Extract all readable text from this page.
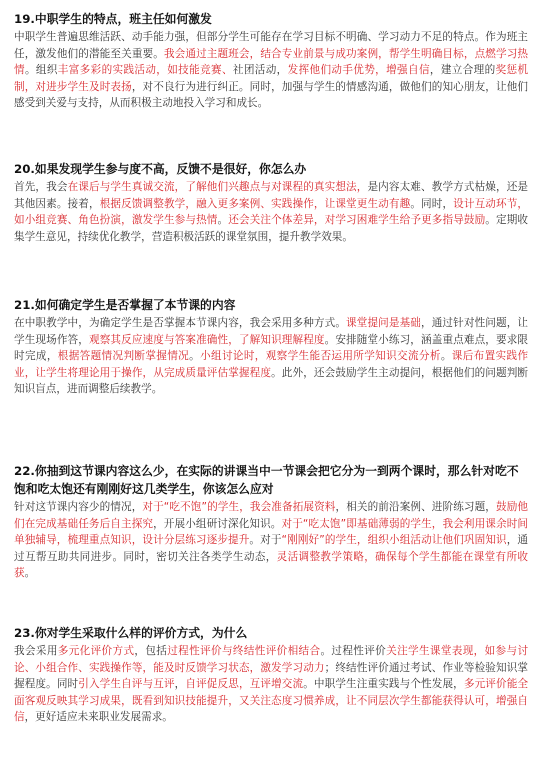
19.中职学生的特点，班主任如何激发

中职学生普遍思维活跃、动手能力强，但部分学生可能存在学习目标不明确、学习动力不足的特点。作为班主任，激发他们的潜能至关重要。我会通过主题班会，结合专业前景与成功案例，帮学生明确目标，点燃学习热情。组织丰富多彩的实践活动，如技能竞赛、社团活动，发挥他们动手优势，增强自信，建立合理的奖惩机制，对进步学生及时表扬，对不良行为进行纠正。同时，加强与学生的情感沟通，做他们的知心朋友，让他们感受到关爱与支持，从而积极主动地投入学习和成长。

20.如果发现学生参与度不高，反馈不是很好，你怎么办

首先，我会在课后与学生真诚交流，了解他们兴趣点与对课程的真实想法，是内容太难、教学方式枯燥，还是其他因素。接着，根据反馈调整教学，融入更多案例、实践操作，让课堂更生动有趣。同时，设计互动环节，如小组竞赛、角色扮演，激发学生参与热情。还会关注个体差异，对学习困难学生给予更多指导鼓励。定期收集学生意见，持续优化教学，营造积极活跃的课堂氛围，提升教学效果。

21.如何确定学生是否掌握了本节课的内容

在中职教学中，为确定学生是否掌握本节课内容，我会采用多种方式。课堂提问是基础，通过针对性问题，让学生现场作答，观察其反应速度与答案准确性，了解知识理解程度。安排随堂小练习，涵盖重点难点，要求限时完成，根据答题情况判断掌握情况。小组讨论时，观察学生能否运用所学知识交流分析。课后布置实践作业，让学生将理论用于操作，从完成质量评估掌握程度。此外，还会鼓励学生主动提问，根据他们的问题判断知识盲点，进而调整后续教学。

22.你抽到这节课内容这么少，在实际的讲课当中一节课会把它分为一到两个课时，那么针对吃不饱和吃太饱还有刚刚好这几类学生，你该怎么应对

针对这节课内容少的情况，对于“吃不饱”的学生，我会准备拓展资料，相关的前沿案例、进阶练习题，鼓励他们在完成基础任务后自主探究，开展小组研讨深化知识。对于“吃太饱”即基础薄弱的学生，我会利用课余时间单独辅导，梳理重点知识，设计分层练习逐步提升。对于“刚刚好”的学生，组织小组活动让他们巩固知识，通过互帮互助共同进步。同时，密切关注各类学生动态，灵活调整教学策略，确保每个学生都能在课堂有所收获。

23.你对学生采取什么样的评价方式，为什么

我会采用多元化评价方式，包括过程性评价与终结性评价相结合。过程性评价关注学生课堂表现，如参与讨论、小组合作、实践操作等，能及时反馈学习状态，激发学习动力；终结性评价通过考试、作业等检验知识掌握程度。同时引入学生自评与互评，自评促反思，互评增交流。中职学生注重实践与个性发展，多元评价能全面客观反映其学习成果，既看到知识技能提升，又关注态度习惯养成，让不同层次学生都能获得认可，增强自信，更好适应未来职业发展需求。
